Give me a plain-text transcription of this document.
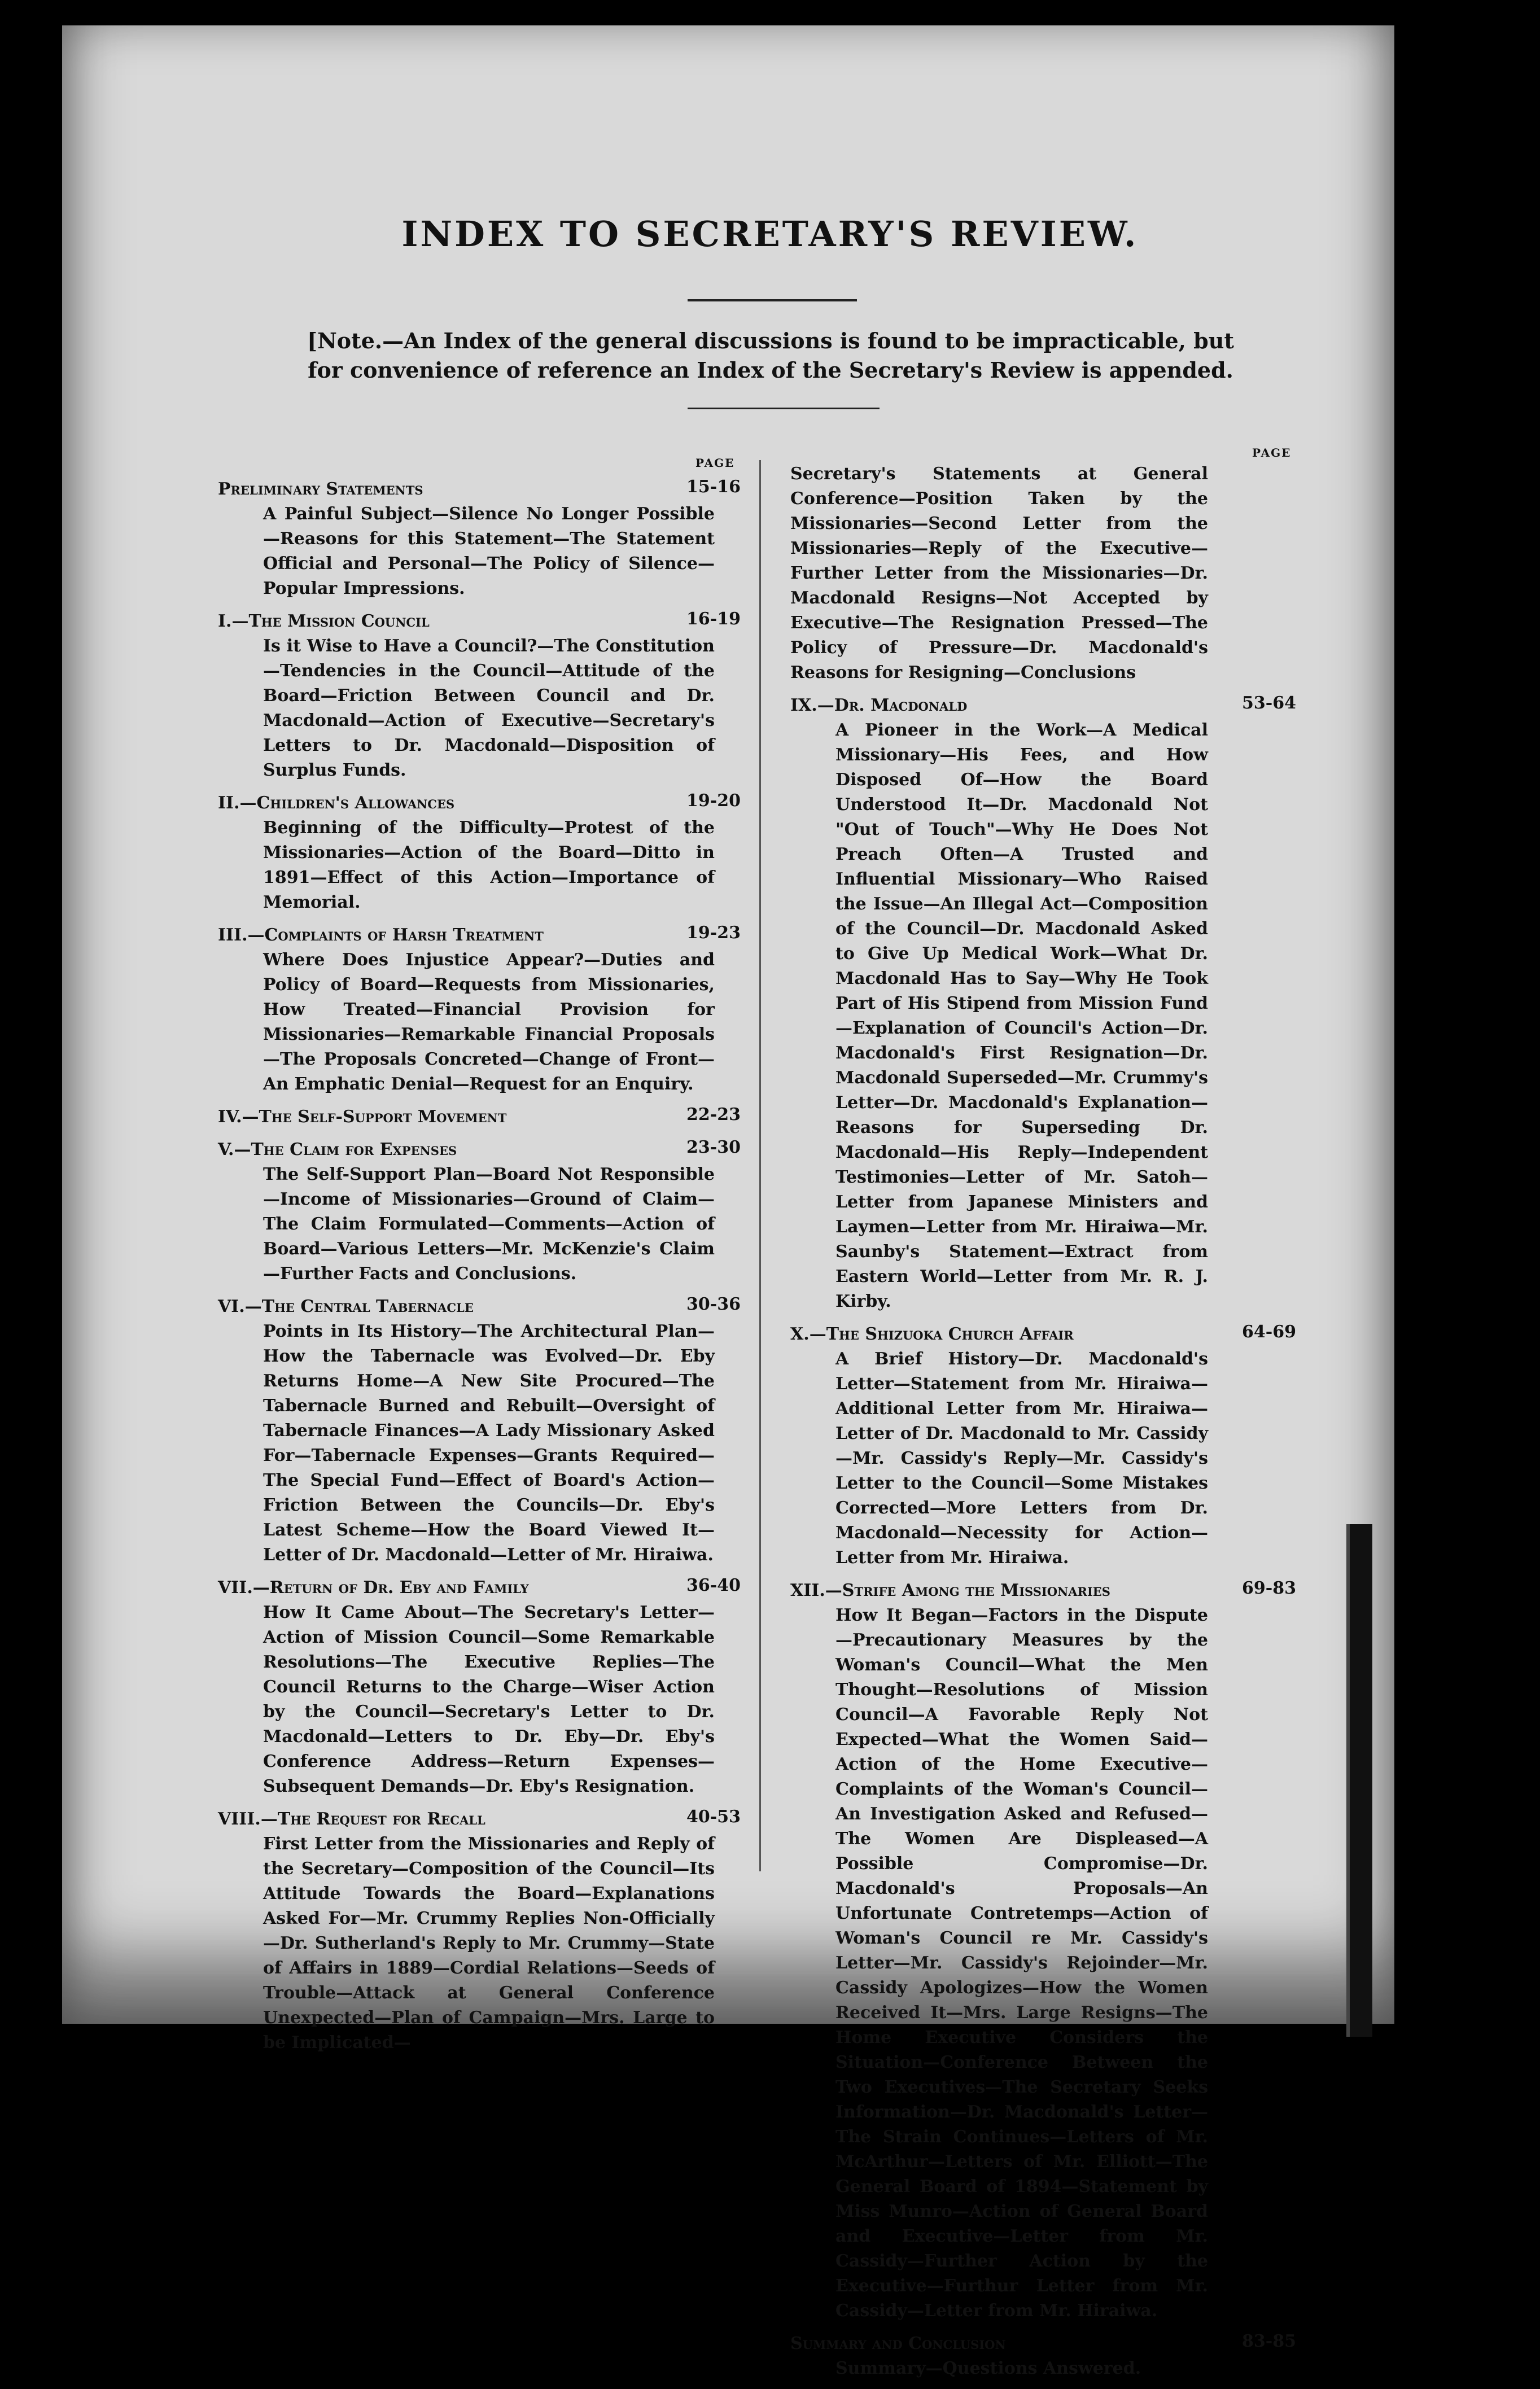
INDEX TO SECRETARY'S REVIEW.
[Note.—An Index of the general discussions is found to be impracticable, but for convenience of reference an Index of the Secretary's Review is appended.
PAGE
PAGE
Preliminary Statements	15-16
A Painful Subject—Silence No Longer Possible—Reasons for this Statement—The Statement Official and Personal—The Policy of Silence—Popular Impressions.
I.—The Mission Council	16-19
Is it Wise to Have a Council?—The Constitution—Tendencies in the Council—Attitude of the Board—Friction Between Council and Dr. Macdonald—Action of Executive—Secretary's Letters to Dr. Macdonald—Disposition of Surplus Funds.
II.—Children's Allowances	19-20
Beginning of the Difficulty—Protest of the Missionaries—Action of the Board—Ditto in 1891—Effect of this Action—Importance of Memorial.
III.—Complaints of Harsh Treatment	19-23
Where Does Injustice Appear?—Duties and Policy of Board—Requests from Missionaries, How Treated—Financial Provision for Missionaries—Remarkable Financial Proposals—The Proposals Concreted—Change of Front—An Emphatic Denial—Request for an Enquiry.
IV.—The Self-Support Movement	22-23
V.—The Claim for Expenses	23-30
The Self-Support Plan—Board Not Responsible—Income of Missionaries—Ground of Claim—The Claim Formulated—Comments—Action of Board—Various Letters—Mr. McKenzie's Claim—Further Facts and Conclusions.
VI.—The Central Tabernacle	30-36
Points in Its History—The Architectural Plan—How the Tabernacle was Evolved—Dr. Eby Returns Home—A New Site Procured—The Tabernacle Burned and Rebuilt—Oversight of Tabernacle Finances—A Lady Missionary Asked For—Tabernacle Expenses—Grants Required—The Special Fund—Effect of Board's Action—Friction Between the Councils—Dr. Eby's Latest Scheme—How the Board Viewed It—Letter of Dr. Macdonald—Letter of Mr. Hiraiwa.
VII.—Return of Dr. Eby and Family	36-40
How It Came About—The Secretary's Letter—Action of Mission Council—Some Remarkable Resolutions—The Executive Replies—The Council Returns to the Charge—Wiser Action by the Council—Secretary's Letter to Dr. Macdonald—Letters to Dr. Eby—Dr. Eby's Conference Address—Return Expenses—Subsequent Demands—Dr. Eby's Resignation.
VIII.—The Request for Recall	40-53
First Letter from the Missionaries and Reply of the Secretary—Composition of the Council—Its Attitude Towards the Board—Explanations Asked For—Mr. Crummy Replies Non-Officially—Dr. Sutherland's Reply to Mr. Crummy—State of Affairs in 1889—Cordial Relations—Seeds of Trouble—Attack at General Conference Unexpected—Plan of Campaign—Mrs. Large to be Implicated—
Secretary's Statements at General Conference—Position Taken by the Missionaries—Second Letter from the Missionaries—Reply of the Executive—Further Letter from the Missionaries—Dr. Macdonald Resigns—Not Accepted by Executive—The Resignation Pressed—The Policy of Pressure—Dr. Macdonald's Reasons for Resigning—Conclusions
IX.—Dr. Macdonald	53-64
A Pioneer in the Work—A Medical Missionary—His Fees, and How Disposed Of—How the Board Understood It—Dr. Macdonald Not "Out of Touch"—Why He Does Not Preach Often—A Trusted and Influential Missionary—Who Raised the Issue—An Illegal Act—Composition of the Council—Dr. Macdonald Asked to Give Up Medical Work—What Dr. Macdonald Has to Say—Why He Took Part of His Stipend from Mission Fund—Explanation of Council's Action—Dr. Macdonald's First Resignation—Dr. Macdonald Superseded—Mr. Crummy's Letter—Dr. Macdonald's Explanation—Reasons for Superseding Dr. Macdonald—His Reply—Independent Testimonies—Letter of Mr. Satoh—Letter from Japanese Ministers and Laymen—Letter from Mr. Hiraiwa—Mr. Saunby's Statement—Extract from Eastern World—Letter from Mr. R. J. Kirby.
X.—The Shizuoka Church Affair	64-69
A Brief History—Dr. Macdonald's Letter—Statement from Mr. Hiraiwa—Additional Letter from Mr. Hiraiwa—Letter of Dr. Macdonald to Mr. Cassidy—Mr. Cassidy's Reply—Mr. Cassidy's Letter to the Council—Some Mistakes Corrected—More Letters from Dr. Macdonald—Necessity for Action—Letter from Mr. Hiraiwa.
XII.—Strife Among the Missionaries	69-83
How It Began—Factors in the Dispute—Precautionary Measures by the Woman's Council—What the Men Thought—Resolutions of Mission Council—A Favorable Reply Not Expected—What the Women Said—Action of the Home Executive—Complaints of the Woman's Council—An Investigation Asked and Refused—The Women Are Displeased—A Possible Compromise—Dr. Macdonald's Proposals—An Unfortunate Contretemps—Action of Woman's Council re Mr. Cassidy's Letter—Mr. Cassidy's Rejoinder—Mr. Cassidy Apologizes—How the Women Received It—Mrs. Large Resigns—The Home Executive Considers the Situation—Conference Between the Two Executives—The Secretary Seeks Information—Dr. Macdonald's Letter—The Strain Continues—Letters of Mr. McArthur—Letters of Mr. Elliott—The General Board of 1894—Statement by Miss Munro—Action of General Board and Executive—Letter from Mr. Cassidy—Further Action by the Executive—Furthur Letter from Mr. Cassidy—Letter from Mr. Hiraiwa.
Summary and Conclusion	83-85
Summary—Questions Answered.
